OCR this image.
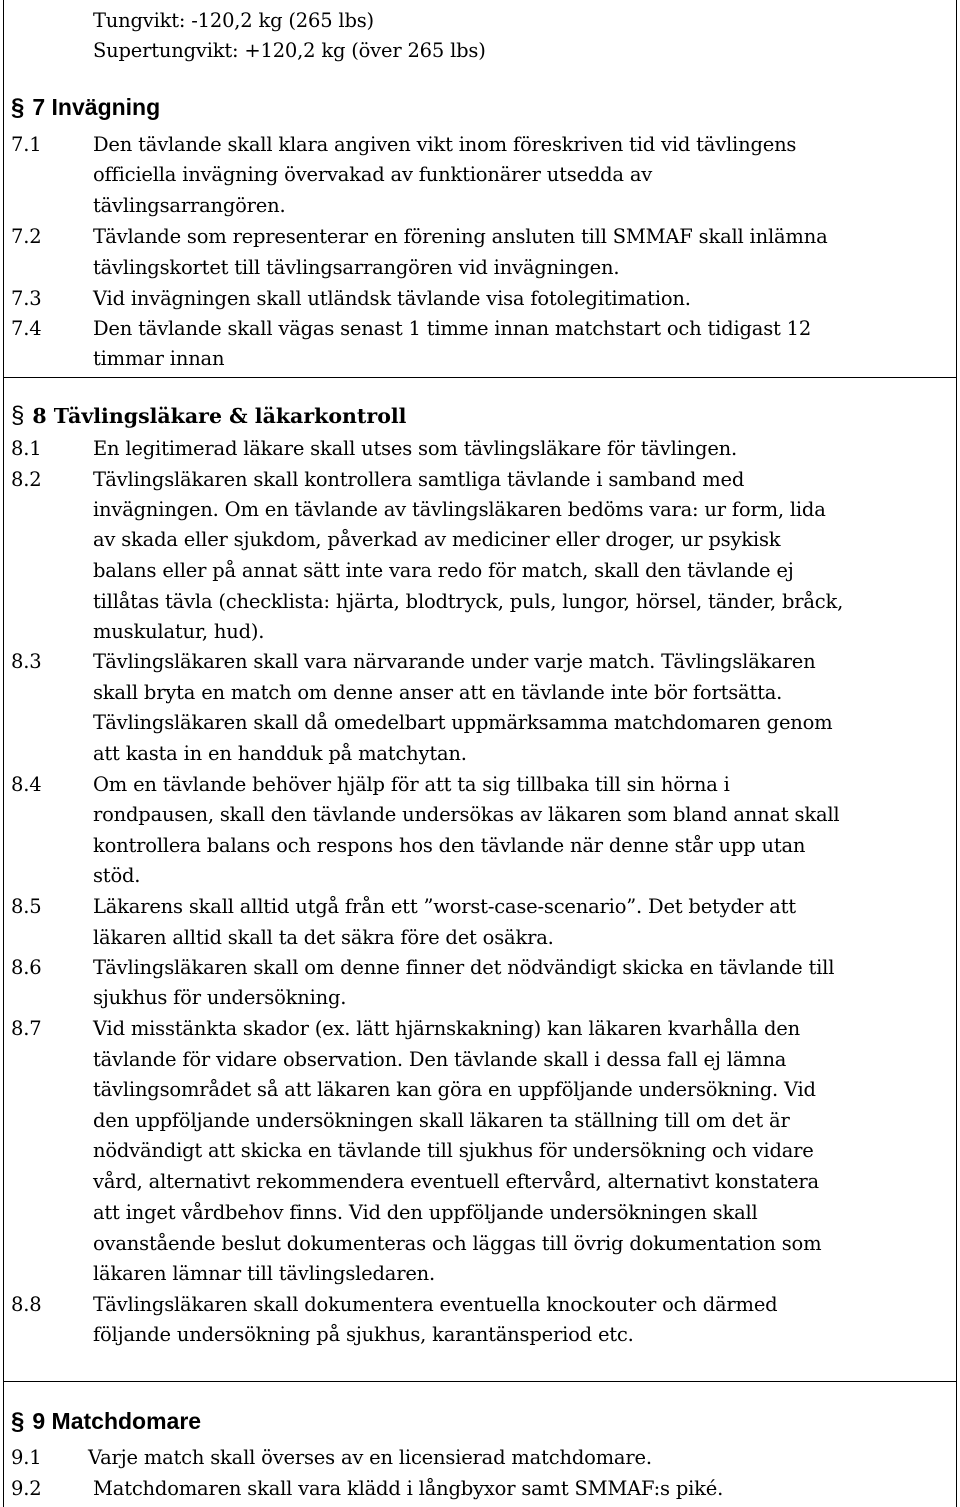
Tungvikt: -120,2 kg (265 lbs)
Supertungvikt: +120,2 kg (över 265 lbs)
§ 7 Invägning
7.1	Den tävlande skall klara angiven vikt inom föreskriven tid vid tävlingens
officiella invägning övervakad av funktionärer utsedda av
tävlingsarrangören.
7.2	Tävlande som representerar en förening ansluten till SMMAF skall inlämna
tävlingskortet till tävlingsarrangören vid invägningen.
7.3	Vid invägningen skall utländsk tävlande visa fotolegitimation.
7.4	Den tävlande skall vägas senast 1 timme innan matchstart och tidigast 12
timmar innan
§ 8 Tävlingsläkare & läkarkontroll
8.1	En legitimerad läkare skall utses som tävlingsläkare för tävlingen.
8.2	Tävlingsläkaren skall kontrollera samtliga tävlande i samband med
invägningen. Om en tävlande av tävlingsläkaren bedöms vara: ur form, lida
av skada eller sjukdom, påverkad av mediciner eller droger, ur psykisk
balans eller på annat sätt inte vara redo för match, skall den tävlande ej
tillåtas tävla (checklista: hjärta, blodtryck, puls, lungor, hörsel, tänder, bråck,
muskulatur, hud).
8.3	Tävlingsläkaren skall vara närvarande under varje match. Tävlingsläkaren
skall bryta en match om denne anser att en tävlande inte bör fortsätta.
Tävlingsläkaren skall då omedelbart uppmärksamma matchdomaren genom
att kasta in en handduk på matchytan.
8.4	Om en tävlande behöver hjälp för att ta sig tillbaka till sin hörna i
rondpausen, skall den tävlande undersökas av läkaren som bland annat skall
kontrollera balans och respons hos den tävlande när denne står upp utan
stöd.
8.5	Läkarens skall alltid utgå från ett ”worst-case-scenario”. Det betyder att
läkaren alltid skall ta det säkra före det osäkra.
8.6	Tävlingsläkaren skall om denne finner det nödvändigt skicka en tävlande till
sjukhus för undersökning.
8.7	Vid misstänkta skador (ex. lätt hjärnskakning) kan läkaren kvarhålla den
tävlande för vidare observation. Den tävlande skall i dessa fall ej lämna
tävlingsområdet så att läkaren kan göra en uppföljande undersökning. Vid
den uppföljande undersökningen skall läkaren ta ställning till om det är
nödvändigt att skicka en tävlande till sjukhus för undersökning och vidare
vård, alternativt rekommendera eventuell eftervård, alternativt konstatera
att inget vårdbehov finns. Vid den uppföljande undersökningen skall
ovanstående beslut dokumenteras och läggas till övrig dokumentation som
läkaren lämnar till tävlingsledaren.
8.8	Tävlingsläkaren skall dokumentera eventuella knockouter och därmed
följande undersökning på sjukhus, karantänsperiod etc.
§ 9 Matchdomare
9.1 Varje match skall överses av en licensierad matchdomare.
9.2	Matchdomaren skall vara klädd i långbyxor samt SMMAF:s piké.
